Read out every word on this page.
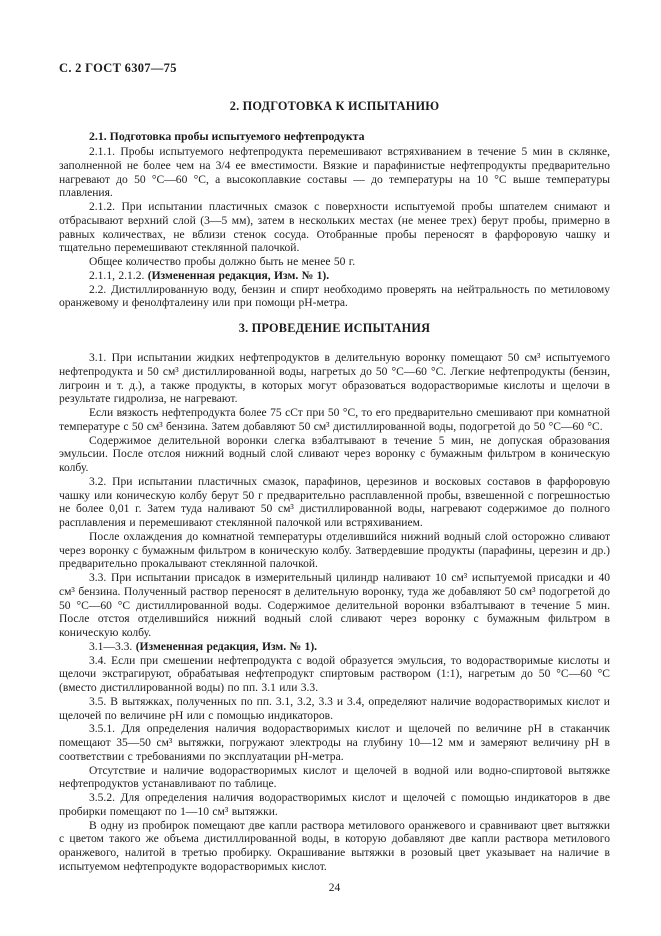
С. 2 ГОСТ 6307—75
2. ПОДГОТОВКА К ИСПЫТАНИЮ
2.1. Подготовка пробы испытуемого нефтепродукта

2.1.1. Пробы испытуемого нефтепродукта перемешивают встряхиванием в течение 5 мин в склянке, заполненной не более чем на 3/4 ее вместимости. Вязкие и парафинистые нефтепродукты предварительно нагревают до 50 °С—60 °С, а высокоплавкие составы — до температуры на 10 °С выше температуры плавления.

2.1.2. При испытании пластичных смазок с поверхности испытуемой пробы шпателем снимают и отбрасывают верхний слой (3—5 мм), затем в нескольких местах (не менее трех) берут пробы, примерно в равных количествах, не вблизи стенок сосуда. Отобранные пробы переносят в фарфоровую чашку и тщательно перемешивают стеклянной палочкой.

Общее количество пробы должно быть не менее 50 г.

2.1.1, 2.1.2. (Измененная редакция, Изм. № 1).

2.2. Дистиллированную воду, бензин и спирт необходимо проверять на нейтральность по метиловому оранжевому и фенолфталеину или при помощи рН-метра.

3. ПРОВЕДЕНИЕ ИСПЫТАНИЯ

3.1. При испытании жидких нефтепродуктов в делительную воронку помещают 50 см³ испытуемого нефтепродукта и 50 см³ дистиллированной воды, нагретых до 50 °С—60 °С. Легкие нефтепродукты (бензин, лигроин и т. д.), а также продукты, в которых могут образоваться водорастворимые кислоты и щелочи в результате гидролиза, не нагревают.

Если вязкость нефтепродукта более 75 сСт при 50 °С, то его предварительно смешивают при комнатной температуре с 50 см³ бензина. Затем добавляют 50 см³ дистиллированной воды, подогретой до 50 °С—60 °С.

Содержимое делительной воронки слегка взбалтывают в течение 5 мин, не допуская образования эмульсии. После отслоя нижний водный слой сливают через воронку с бумажным фильтром в коническую колбу.

3.2. При испытании пластичных смазок, парафинов, церезинов и восковых составов в фарфоровую чашку или коническую колбу берут 50 г предварительно расплавленной пробы, взвешенной с погрешностью не более 0,01 г. Затем туда наливают 50 см³ дистиллированной воды, нагревают содержимое до полного расплавления и перемешивают стеклянной палочкой или встряхиванием.

После охлаждения до комнатной температуры отделившийся нижний водный слой осторожно сливают через воронку с бумажным фильтром в коническую колбу. Затвердевшие продукты (парафины, церезин и др.) предварительно прокалывают стеклянной палочкой.

3.3. При испытании присадок в измерительный цилиндр наливают 10 см³ испытуемой присадки и 40 см³ бензина. Полученный раствор переносят в делительную воронку, туда же добавляют 50 см³ подогретой до 50 °С—60 °С дистиллированной воды. Содержимое делительной воронки взбалтывают в течение 5 мин. После отстоя отделившийся нижний водный слой сливают через воронку с бумажным фильтром в коническую колбу.

3.1—3.3. (Измененная редакция, Изм. № 1).

3.4. Если при смешении нефтепродукта с водой образуется эмульсия, то водорастворимые кислоты и щелочи экстрагируют, обрабатывая нефтепродукт спиртовым раствором (1:1), нагретым до 50 °С—60 °С (вместо дистиллированной воды) по пп. 3.1 или 3.3.

3.5. В вытяжках, полученных по пп. 3.1, 3.2, 3.3 и 3.4, определяют наличие водорастворимых кислот и щелочей по величине рН или с помощью индикаторов.

3.5.1. Для определения наличия водорастворимых кислот и щелочей по величине рН в стаканчик помещают 35—50 см³ вытяжки, погружают электроды на глубину 10—12 мм и замеряют величину рН в соответствии с требованиями по эксплуатации рН-метра.

Отсутствие и наличие водорастворимых кислот и щелочей в водной или водно-спиртовой вытяжке нефтепродуктов устанавливают по таблице.

3.5.2. Для определения наличия водорастворимых кислот и щелочей с помощью индикаторов в две пробирки помещают по 1—10 см³ вытяжки.

В одну из пробирок помещают две капли раствора метилового оранжевого и сравнивают цвет вытяжки с цветом такого же объема дистиллированной воды, в которую добавляют две капли раствора метилового оранжевого, налитой в третью пробирку. Окрашивание вытяжки в розовый цвет указывает на наличие в испытуемом нефтепродукте водорастворимых кислот.

24
